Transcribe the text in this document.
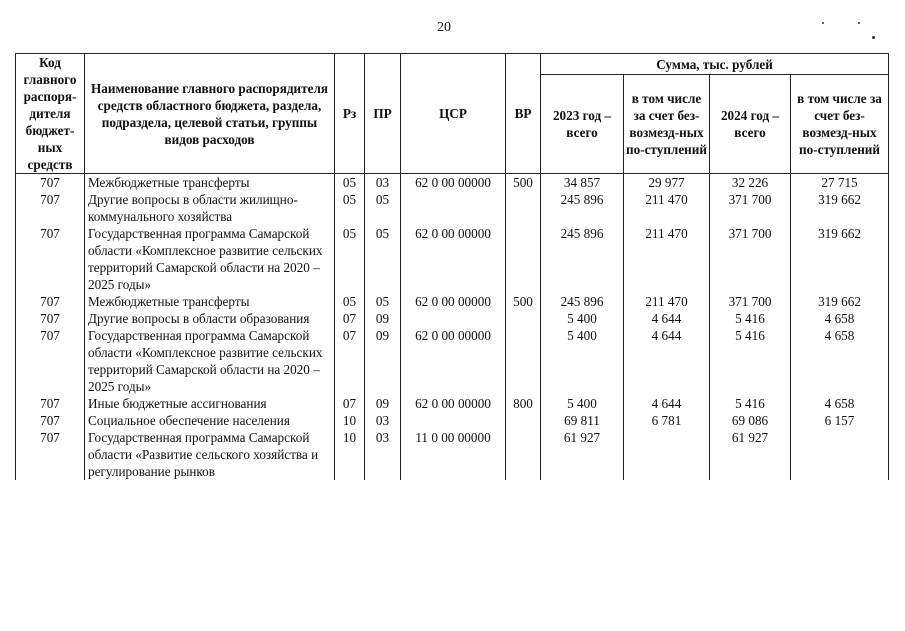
20
Код главного распоря-дителя бюджет-ных средств	Наименование главного распорядителя средств областного бюджета, раздела, подраздела, целевой статьи, группы видов расходов	Рз	ПР	ЦСР	ВР	Сумма, тыс. рублей			
						2023 год – всего	в том числе за счет без-возмезд-ных по-ступлений	2024 год – всего	в том числе за счет без-возмезд-ных по-ступлений
707	Межбюджетные трансферты	05	03	62 0 00 00000	500	34 857	29 977	32 226	27 715
707	Другие вопросы в области жилищно-коммунального хозяйства	05	05			245 896	211 470	371 700	319 662
707	Государственная программа Самарской области «Комплексное развитие сельских территорий Самарской области на 2020 – 2025 годы»	05	05	62 0 00 00000		245 896	211 470	371 700	319 662
707	Межбюджетные трансферты	05	05	62 0 00 00000	500	245 896	211 470	371 700	319 662
707	Другие вопросы в области образования	07	09			5 400	4 644	5 416	4 658
707	Государственная программа Самарской области «Комплексное развитие сельских территорий Самарской области на 2020 – 2025 годы»	07	09	62 0 00 00000		5 400	4 644	5 416	4 658
707	Иные бюджетные ассигнования	07	09	62 0 00 00000	800	5 400	4 644	5 416	4 658
707	Социальное обеспечение населения	10	03			69 811	6 781	69 086	6 157
707	Государственная программа Самарской области «Развитие сельского хозяйства и регулирование рынков	10	03	11 0 00 00000		61 927		61 927	
